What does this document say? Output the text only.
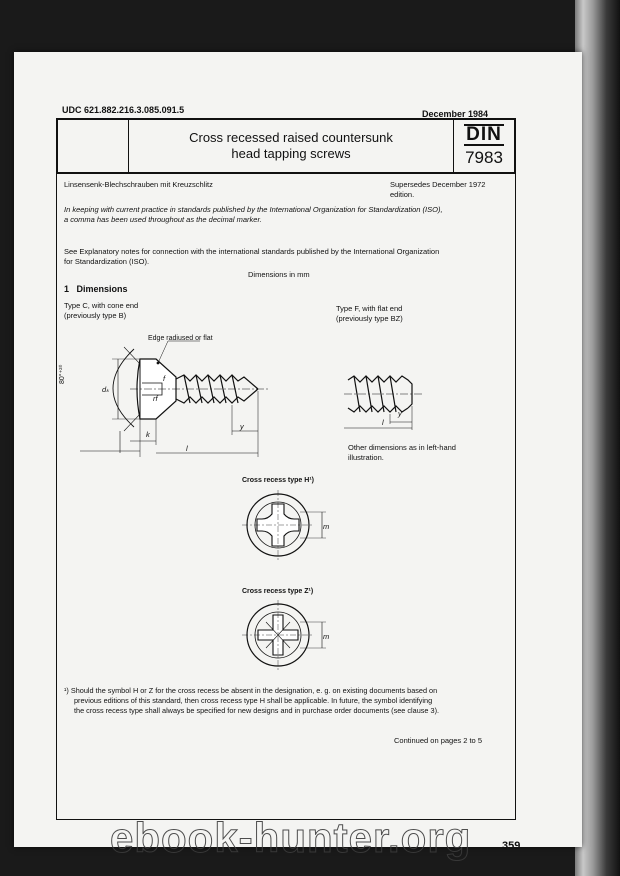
UDC 621.882.216.3.085.091.5	December 1984
Cross recessed raised countersunk
head tapping screws
DIN
7983
Linsensenk-Blechschrauben mit Kreuzschlitz	Supersedes December 1972
edition.
In keeping with current practice in standards published by the International Organization for Standardization (ISO),
a comma has been used throughout as the decimal marker.
See Explanatory notes for connection with the international standards published by the International Organization
for Standardization (ISO).
Dimensions in mm
1 Dimensions
Type C, with cone end
(previously type B)
Type F, with flat end
(previously type BZ)
Edge radiused or flat
80°⁺²⁰
dₖ
f
rf
k
l
y
y
l
Other dimensions as in left-hand
illustration.
Cross recess type H¹)
m
Cross recess type Z¹)
m
¹) Should the symbol H or Z for the cross recess be absent in the designation, e. g. on existing documents based on
previous editions of this standard, then cross recess type H shall be applicable. In future, the symbol identifying
the cross recess type shall always be specified for new designs and in purchase order documents (see clause 3).
Continued on pages 2 to 5
359
ebook-hunter.org
